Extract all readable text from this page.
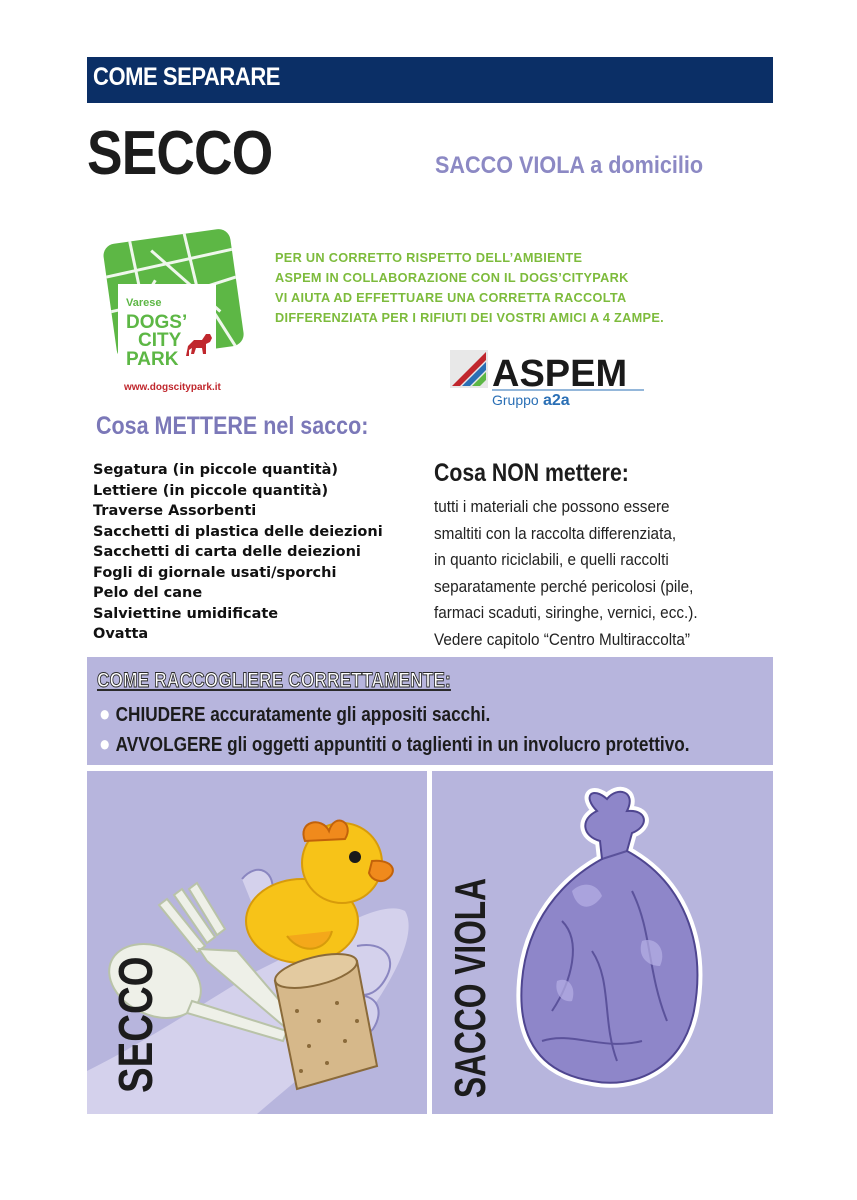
COME SEPARARE
SECCO	SACCO VIOLA a domicilio
Varese
DOGS’
CITY
PARK
www.dogscitypark.it
PER UN CORRETTO RISPETTO DELL’AMBIENTE
ASPEM IN COLLABORAZIONE CON IL DOGS’CITYPARK
VI AIUTA AD EFFETTUARE UNA CORRETTA RACCOLTA
DIFFERENZIATA PER I RIFIUTI DEI VOSTRI AMICI A 4 ZAMPE.
ASPEM
Gruppo a2a
Cosa METTERE nel sacco:
Segatura (in piccole quantità)
Lettiere (in piccole quantità)
Traverse Assorbenti
Sacchetti di plastica delle deiezioni
Sacchetti di carta delle deiezioni
Fogli di giornale usati/sporchi
Pelo del cane
Salviettine umidificate
Ovatta
Cosa NON mettere:
tutti i materiali che possono essere
smaltiti con la raccolta differenziata,
in quanto riciclabili, e quelli raccolti
separatamente perché pericolosi (pile,
farmaci scaduti, siringhe, vernici, ecc.).
Vedere capitolo “Centro Multiraccolta”
COME RACCOGLIERE CORRETTAMENTE:
● CHIUDERE accuratamente gli appositi sacchi.
● AVVOLGERE gli oggetti appuntiti o taglienti in un involucro protettivo.
SECCO	SACCO VIOLA
